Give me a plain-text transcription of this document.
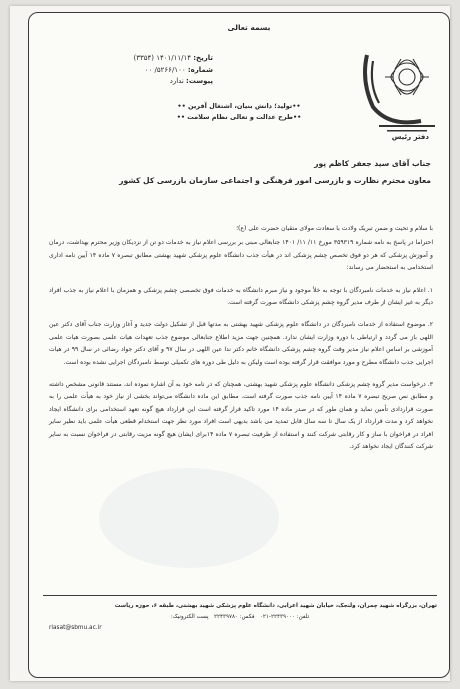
بسمه تعالی
تاریخ: ۱۴۰۱/۱۱/۱۴ (۳۳۵۴)
شماره: ۵۲۶۶/۱۰۰/ ۰۰
پیوست: ندارد
••تولید؛ دانش بنیان، اشتغال آفرین ••
••طرح عدالت و تعالی نظام سلامت ••
دفتر رئیس
جناب آقای سید جعفر کاظم پور
معاون محترم نظارت و بازرسی امور فرهنگی و اجتماعی سازمان بازرسی کل کشور

با سلام و تحیت و ضمن تبریک ولادت با سعادت مولای متقیان حضرت علی (ع)؛

احتراما در پاسخ به نامه شماره ۳۵۹۳۱۹ مورخ ۱۱/ ۱۱/ ۱۴۰۱ جنابعالی مبنی بر بررسی اعلام نیاز به خدمات دو تن از نزدیکان وزیر محترم بهداشت، درمان و آموزش پزشکی که هر دو فوق تخصص چشم پزشکی اند در هیأت جذب دانشگاه علوم پزشکی شهید بهشتی مطابق تبصره ۷ ماده ۱۴ آیین نامه اداری استخدامی به استحضار می رساند:

۱. اعلام نیاز به خدمات نامبردگان با توجه به خلأ موجود و نیاز مبرم دانشگاه به خدمات فوق تخصصی چشم پزشکی و همزمان با اعلام نیاز به جذب افراد دیگر به غیر ایشان از طرف مدیر گروه چشم پزشکی دانشگاه صورت گرفته است.

۲. موضوع استفاده از خدمات نامبردگان در دانشگاه علوم پزشکی شهید بهشتی به مدتها قبل از تشکیل دولت جدید و آغاز وزارت جناب آقای دکتر عین اللهی باز می گردد و ارتباطی با دوره وزارت ایشان ندارد. همچنین جهت مزید اطلاع جنابعالی موضوع جذب تعهدات هیات علمی بصورت هیات علمی آموزشی بر اساس اعلام نیاز مدیر وقت گروه چشم پزشکی دانشگاه خانم دکتر ندا عین اللهی در سال ۹۷ و آقای دکتر جواد رضائی در سال ۹۹ در هیات اجرایی جذب دانشگاه مطرح و مورد موافقت قرار گرفته بوده است ولیکن به دلیل طی دوره های تکمیلی توسط نامبردگان اجرایی نشده بوده است.

۳. درخواست مدیر گروه چشم پزشکی دانشگاه علوم پزشکی شهید بهشتی، همچنان که در نامه خود به آن اشاره نموده اند، مستند قانونی مشخص داشته و مطابق نص صریح تبصره ۷ ماده ۱۴ آیین نامه جذب صورت گرفته است. مطابق این ماده دانشگاه می‌تواند بخشی از نیاز خود به هیأت علمی را به صورت قراردادی تأمین نماید و همان طور که در صدر ماده ۱۴ مورد تاکید قرار گرفته است این قرارداد هیچ گونه تعهد استخدامی برای دانشگاه ایجاد نخواهد کرد و مدت قرارداد از یک سال تا سه سال قابل تمدید می باشد بدیهی است افراد مورد نظر جهت استخدام قطعی هیأت علمی باید نظیر سایر افراد در فراخوان با ساز و کار رقابتی شرکت کنند و استفاده از ظرفیت تبصره ۷ ماده ۱۴برای ایشان هیچ گونه مزیت رقابتی در فراخوان نسبت به سایر شرکت کنندگان ایجاد نخواهد کرد.

تهران، بزرگراه شهید چمران، ولنجک، خیابان شهید اعرابی، دانشگاه علوم پزشکی شهید بهشتی، طبقه ۶، حوزه ریاست
تلفن: ۲۲۴۳۹۰۰۰-۰۲۱   فکس: ۲۲۴۳۹۷۸۰   پست الکترونیک:
riasat@sbmu.ac.ir
